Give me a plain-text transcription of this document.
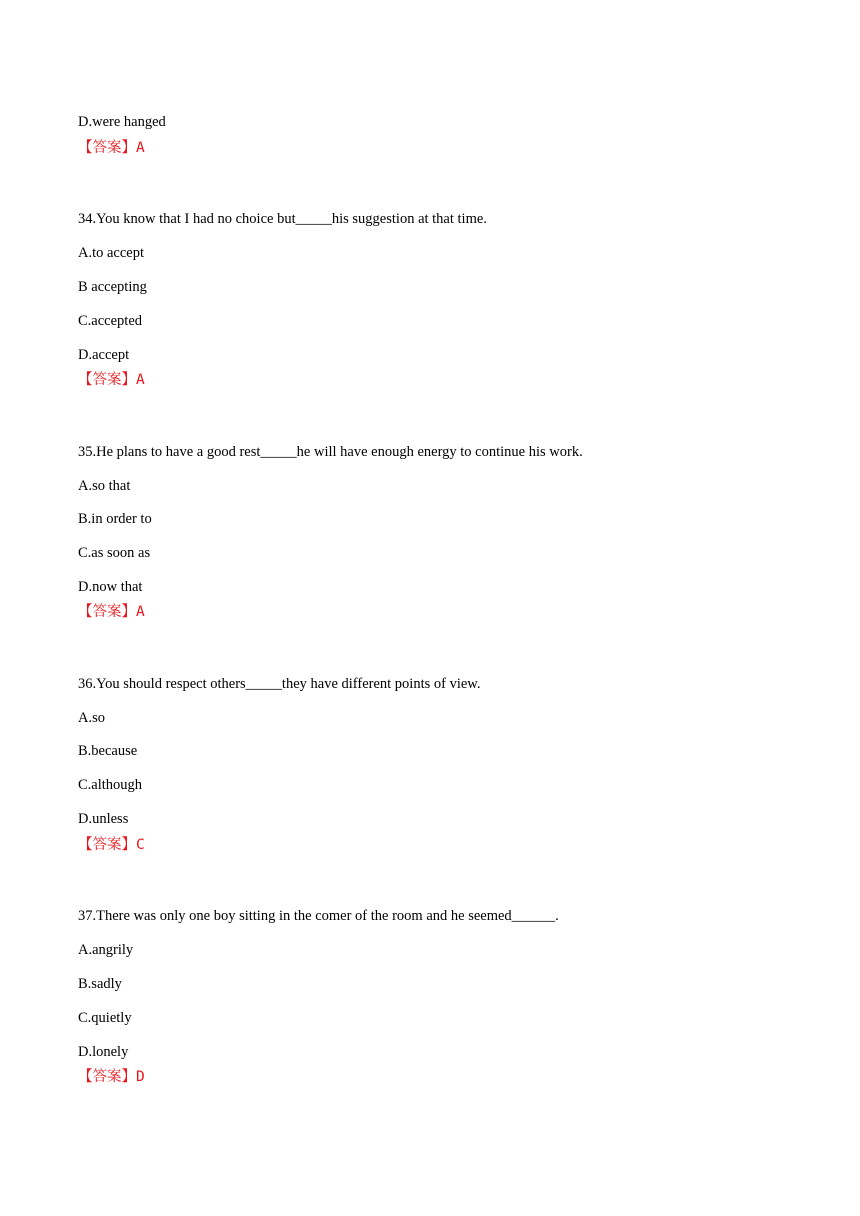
D.were hanged
【答案】A
34.You know that I had no choice but_____his suggestion at that time.
A.to accept
B accepting
C.accepted
D.accept
【答案】A
35.He plans to have a good rest_____he will have enough energy to continue his work.
A.so that
B.in order to
C.as soon as
D.now that
【答案】A
36.You should respect others_____they have different points of view.
A.so
B.because
C.although
D.unless
【答案】C
37.There was only one boy sitting in the comer of the room and he seemed______.
A.angrily
B.sadly
C.quietly
D.lonely
【答案】D
